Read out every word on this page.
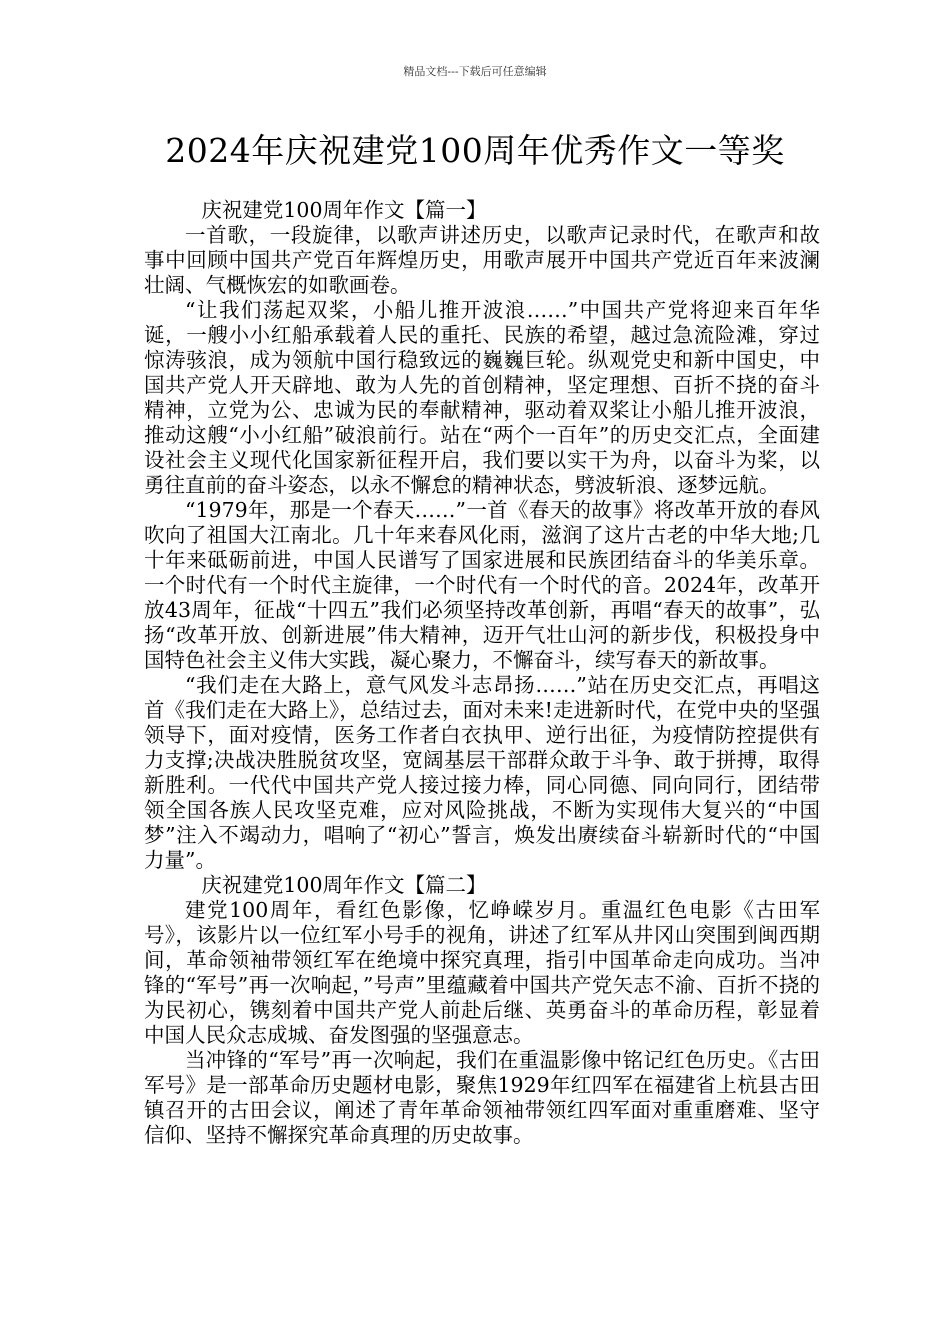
精品文档---下载后可任意编辑
2024年庆祝建党100周年优秀作文一等奖

庆祝建党100周年作文【篇一】

一首歌，一段旋律，以歌声讲述历史，以歌声记录时代，在歌声和故事中回顾中国共产党百年辉煌历史，用歌声展开中国共产党近百年来波澜壮阔、气概恢宏的如歌画卷。

“让我们荡起双桨，小船儿推开波浪……”中国共产党将迎来百年华诞，一艘小小红船承载着人民的重托、民族的希望，越过急流险滩，穿过惊涛骇浪，成为领航中国行稳致远的巍巍巨轮。纵观党史和新中国史，中国共产党人开天辟地、敢为人先的首创精神，坚定理想、百折不挠的奋斗精神，立党为公、忠诚为民的奉献精神，驱动着双桨让小船儿推开波浪，推动这艘“小小红船”破浪前行。站在“两个一百年”的历史交汇点，全面建设社会主义现代化国家新征程开启，我们要以实干为舟，以奋斗为桨，以勇往直前的奋斗姿态，以永不懈怠的精神状态，劈波斩浪、逐梦远航。

“1979年，那是一个春天……”一首《春天的故事》将改革开放的春风吹向了祖国大江南北。几十年来春风化雨，滋润了这片古老的中华大地;几十年来砥砺前进，中国人民谱写了国家进展和民族团结奋斗的华美乐章。一个时代有一个时代主旋律，一个时代有一个时代的音。2024年，改革开放43周年，征战“十四五”我们必须坚持改革创新，再唱“春天的故事”，弘扬“改革开放、创新进展”伟大精神，迈开气壮山河的新步伐，积极投身中国特色社会主义伟大实践，凝心聚力，不懈奋斗，续写春天的新故事。

“我们走在大路上，意气风发斗志昂扬……”站在历史交汇点，再唱这首《我们走在大路上》，总结过去，面对未来!走进新时代，在党中央的坚强领导下，面对疫情，医务工作者白衣执甲、逆行出征，为疫情防控提供有力支撑;决战决胜脱贫攻坚，宽阔基层干部群众敢于斗争、敢于拼搏，取得新胜利。一代代中国共产党人接过接力棒，同心同德、同向同行，团结带领全国各族人民攻坚克难，应对风险挑战，不断为实现伟大复兴的“中国梦”注入不竭动力，唱响了“初心”誓言，焕发出赓续奋斗崭新时代的“中国力量”。

庆祝建党100周年作文【篇二】

建党100周年，看红色影像，忆峥嵘岁月。重温红色电影《古田军号》，该影片以一位红军小号手的视角，讲述了红军从井冈山突围到闽西期间，革命领袖带领红军在绝境中探究真理，指引中国革命走向成功。当冲锋的“军号”再一次响起，”号声”里蕴藏着中国共产党矢志不渝、百折不挠的为民初心，镌刻着中国共产党人前赴后继、英勇奋斗的革命历程，彰显着中国人民众志成城、奋发图强的坚强意志。

当冲锋的“军号”再一次响起，我们在重温影像中铭记红色历史。《古田军号》是一部革命历史题材电影，聚焦1929年红四军在福建省上杭县古田镇召开的古田会议，阐述了青年革命领袖带领红四军面对重重磨难、坚守信仰、坚持不懈探究革命真理的历史故事。
